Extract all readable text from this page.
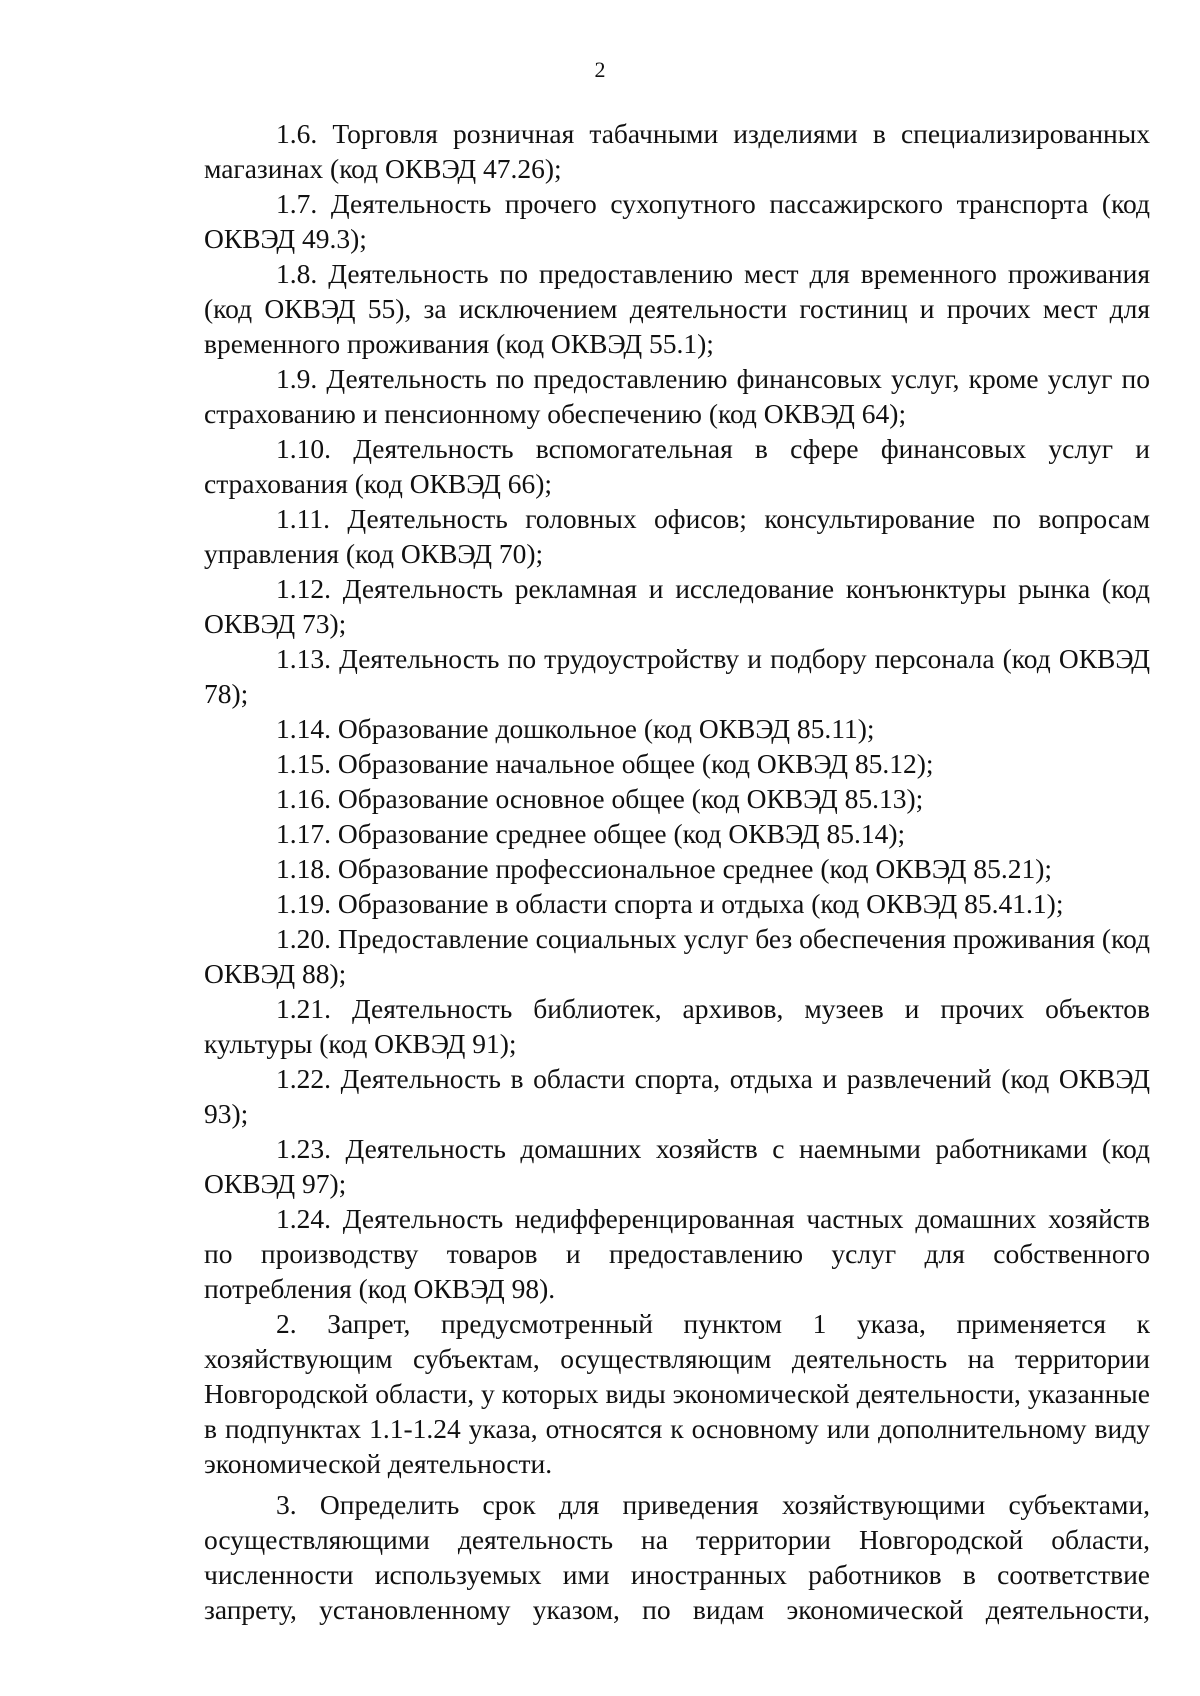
2

1.6. Торговля розничная табачными изделиями в специализированных магазинах (код ОКВЭД 47.26);

1.7. Деятельность прочего сухопутного пассажирского транспорта (код ОКВЭД 49.3);

1.8. Деятельность по предоставлению мест для временного проживания (код ОКВЭД 55), за исключением деятельности гостиниц и прочих мест для временного проживания (код ОКВЭД 55.1);

1.9. Деятельность по предоставлению финансовых услуг, кроме услуг по страхованию и пенсионному обеспечению (код ОКВЭД 64);

1.10. Деятельность вспомогательная в сфере финансовых услуг и страхования (код ОКВЭД 66);

1.11. Деятельность головных офисов; консультирование по вопросам управления (код ОКВЭД 70);

1.12. Деятельность рекламная и исследование конъюнктуры рынка (код ОКВЭД 73);

1.13. Деятельность по трудоустройству и подбору персонала (код ОКВЭД 78);

1.14. Образование дошкольное (код ОКВЭД 85.11);

1.15. Образование начальное общее (код ОКВЭД 85.12);

1.16. Образование основное общее (код ОКВЭД 85.13);

1.17. Образование среднее общее (код ОКВЭД 85.14);

1.18. Образование профессиональное среднее (код ОКВЭД 85.21);

1.19. Образование в области спорта и отдыха (код ОКВЭД 85.41.1);

1.20. Предоставление социальных услуг без обеспечения проживания (код ОКВЭД 88);

1.21. Деятельность библиотек, архивов, музеев и прочих объектов культуры (код ОКВЭД 91);

1.22. Деятельность в области спорта, отдыха и развлечений (код ОКВЭД 93);

1.23. Деятельность домашних хозяйств с наемными работниками (код ОКВЭД 97);

1.24. Деятельность недифференцированная частных домашних хозяйств по производству товаров и предоставлению услуг для собственного потребления (код ОКВЭД 98).

2. Запрет, предусмотренный пунктом 1 указа, применяется к хозяйствующим субъектам, осуществляющим деятельность на территории Новгородской области, у которых виды экономической деятельности, указанные в подпунктах 1.1-1.24 указа, относятся к основному или дополнительному виду экономической деятельности.

3. Определить срок для приведения хозяйствующими субъектами, осуществляющими деятельность на территории Новгородской области, численности используемых ими иностранных работников в соответствие запрету, установленному указом, по видам экономической деятельности,
